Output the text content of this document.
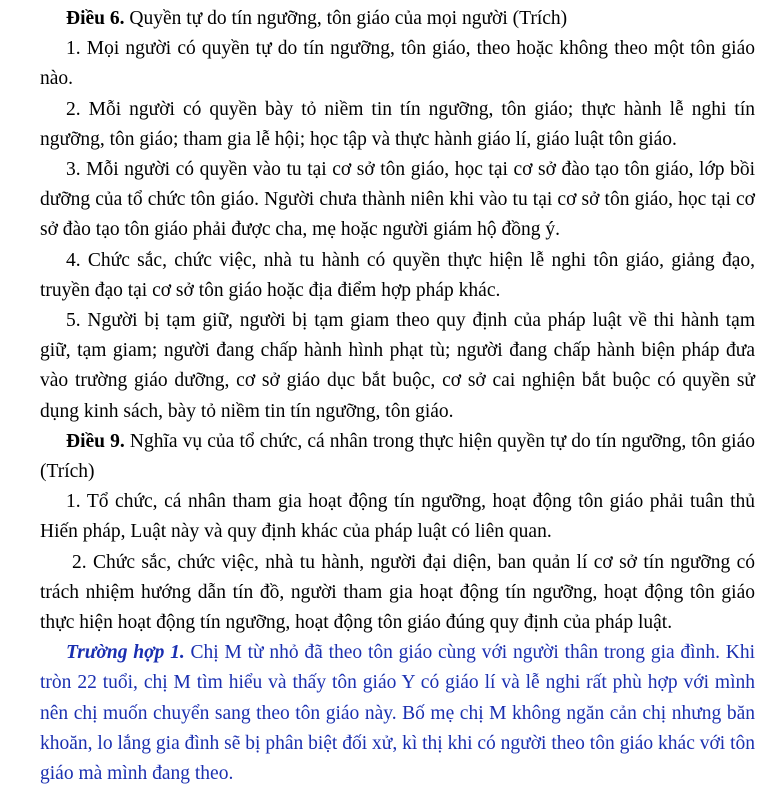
Điều 6. Quyền tự do tín ngưỡng, tôn giáo của mọi người (Trích)

1. Mọi người có quyền tự do tín ngưỡng, tôn giáo, theo hoặc không theo một tôn giáo nào.

2. Mỗi người có quyền bày tỏ niềm tin tín ngưỡng, tôn giáo; thực hành lễ nghi tín ngưỡng, tôn giáo; tham gia lễ hội; học tập và thực hành giáo lí, giáo luật tôn giáo.

3. Mỗi người có quyền vào tu tại cơ sở tôn giáo, học tại cơ sở đào tạo tôn giáo, lớp bồi dưỡng của tổ chức tôn giáo. Người chưa thành niên khi vào tu tại cơ sở tôn giáo, học tại cơ sở đào tạo tôn giáo phải được cha, mẹ hoặc người giám hộ đồng ý.

4. Chức sắc, chức việc, nhà tu hành có quyền thực hiện lễ nghi tôn giáo, giảng đạo, truyền đạo tại cơ sở tôn giáo hoặc địa điểm hợp pháp khác.

5. Người bị tạm giữ, người bị tạm giam theo quy định của pháp luật về thi hành tạm giữ, tạm giam; người đang chấp hành hình phạt tù; người đang chấp hành biện pháp đưa vào trường giáo dưỡng, cơ sở giáo dục bắt buộc, cơ sở cai nghiện bắt buộc có quyền sử dụng kinh sách, bày tỏ niềm tin tín ngưỡng, tôn giáo.

Điều 9. Nghĩa vụ của tổ chức, cá nhân trong thực hiện quyền tự do tín ngưỡng, tôn giáo (Trích)

1. Tổ chức, cá nhân tham gia hoạt động tín ngưỡng, hoạt động tôn giáo phải tuân thủ Hiến pháp, Luật này và quy định khác của pháp luật có liên quan.

2. Chức sắc, chức việc, nhà tu hành, người đại diện, ban quản lí cơ sở tín ngưỡng có trách nhiệm hướng dẫn tín đồ, người tham gia hoạt động tín ngưỡng, hoạt động tôn giáo thực hiện hoạt động tín ngưỡng, hoạt động tôn giáo đúng quy định của pháp luật.

Trường hợp 1. Chị M từ nhỏ đã theo tôn giáo cùng với người thân trong gia đình. Khi tròn 22 tuổi, chị M tìm hiểu và thấy tôn giáo Y có giáo lí và lễ nghi rất phù hợp với mình nên chị muốn chuyển sang theo tôn giáo này. Bố mẹ chị M không ngăn cản chị nhưng băn khoăn, lo lắng gia đình sẽ bị phân biệt đối xử, kì thị khi có người theo tôn giáo khác với tôn giáo mà mình đang theo.
